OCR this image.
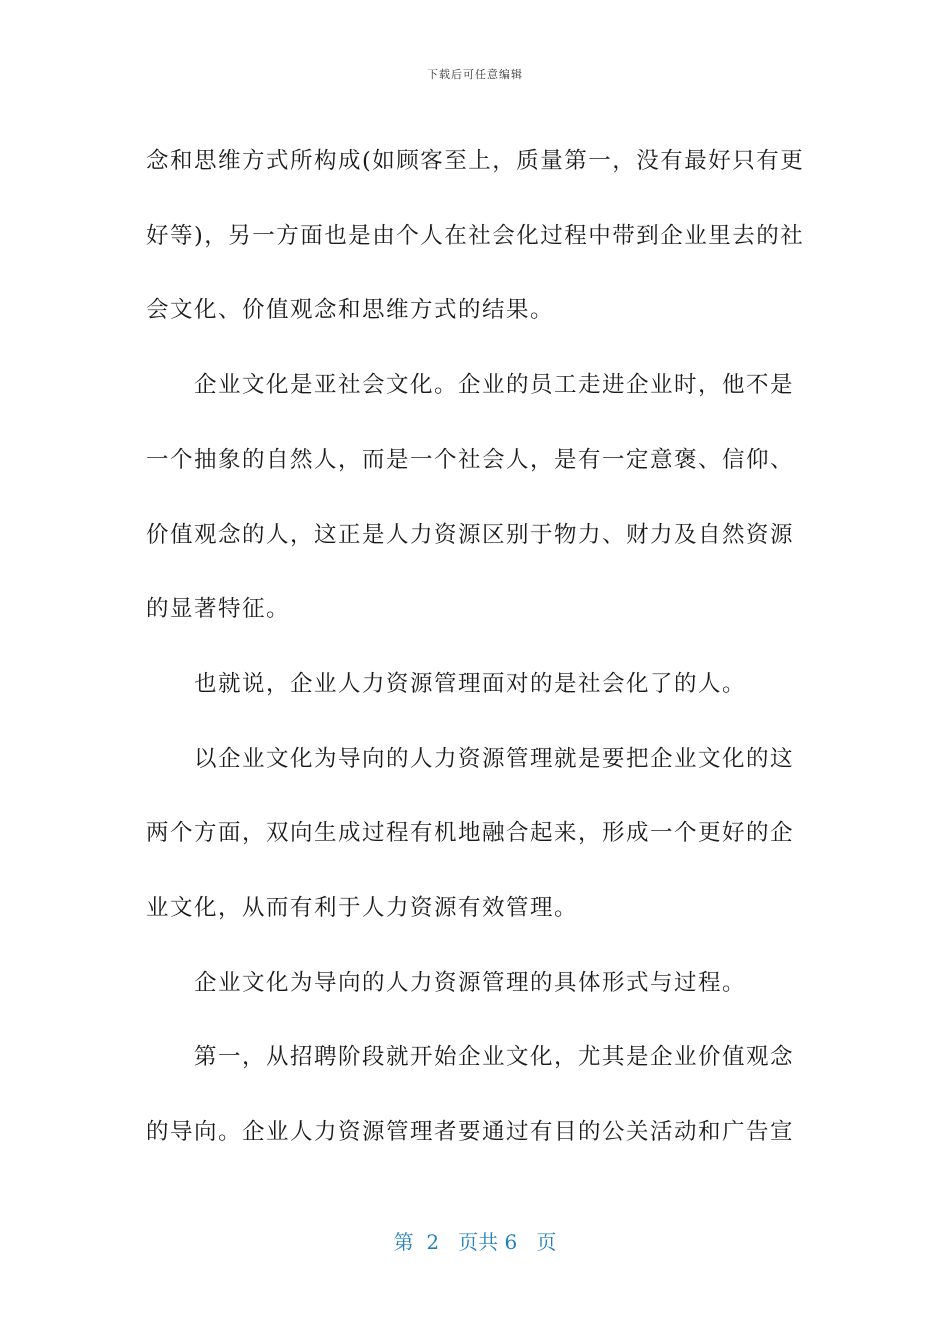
下载后可任意编辑

念和思维方式所构成(如顾客至上，质量第一，没有最好只有更好等)，另一方面也是由个人在社会化过程中带到企业里去的社会文化、价值观念和思维方式的结果。

企业文化是亚社会文化。企业的员工走进企业时，他不是一个抽象的自然人，而是一个社会人，是有一定意褒、信仰、价值观念的人，这正是人力资源区别于物力、财力及自然资源的显著特征。

也就说，企业人力资源管理面对的是社会化了的人。

以企业文化为导向的人力资源管理就是要把企业文化的这两个方面，双向生成过程有机地融合起来，形成一个更好的企业文化，从而有利于人力资源有效管理。

企业文化为导向的人力资源管理的具体形式与过程。

第一，从招聘阶段就开始企业文化，尤其是企业价值观念的导向。企业人力资源管理者要通过有目的公关活动和广告宣

第  2   页共 6   页
